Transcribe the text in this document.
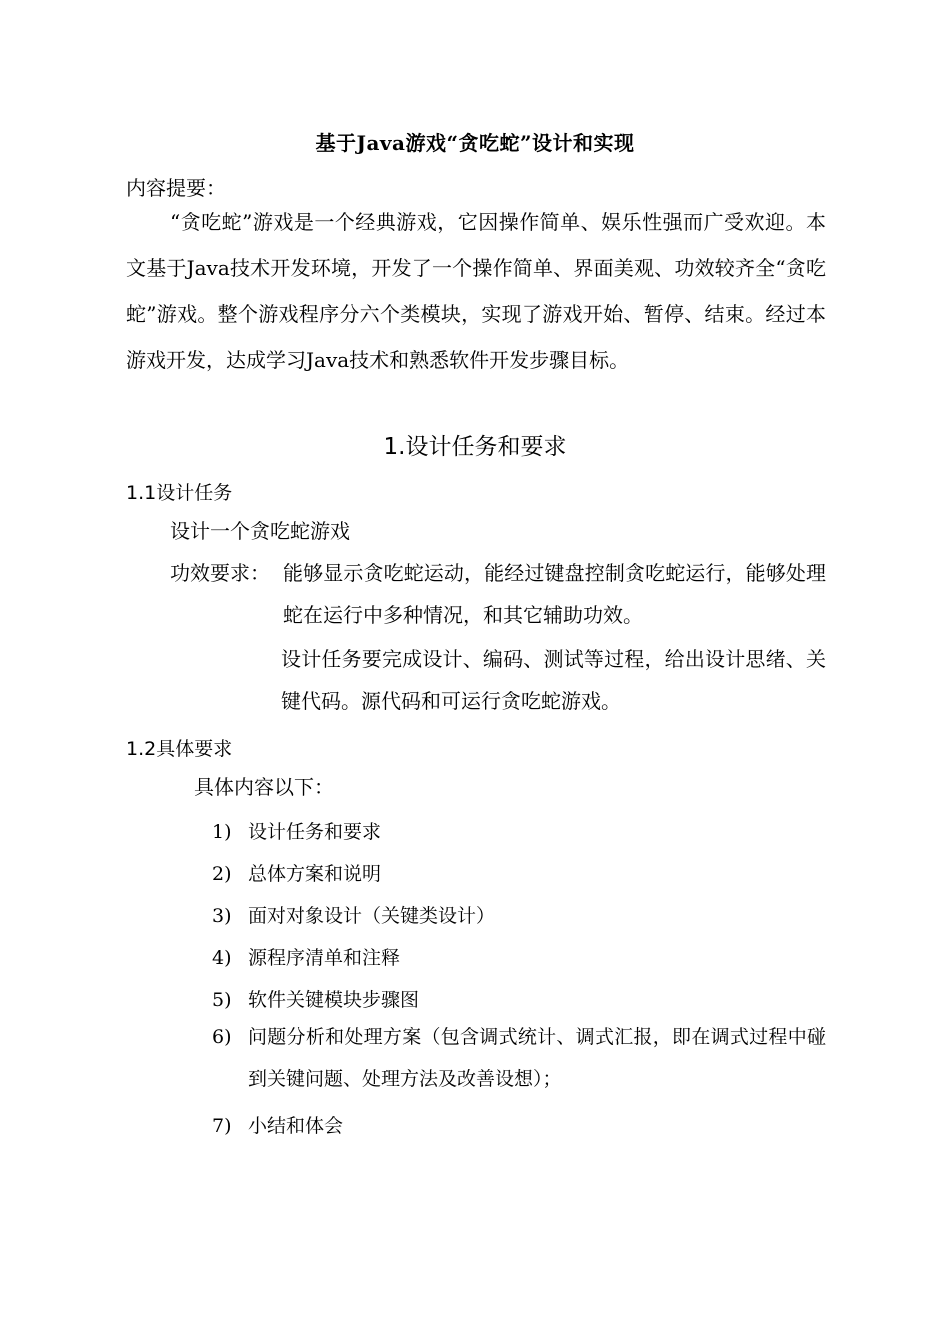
基于Java游戏“贪吃蛇”设计和实现
内容提要：

“贪吃蛇”游戏是一个经典游戏，它因操作简单、娱乐性强而广受欢迎。本文基于Java技术开发环境，开发了一个操作简单、界面美观、功效较齐全“贪吃蛇”游戏。整个游戏程序分六个类模块，实现了游戏开始、暂停、结束。经过本游戏开发，达成学习Java技术和熟悉软件开发步骤目标。

1.设计任务和要求
1.1设计任务
设计一个贪吃蛇游戏
功效要求： 能够显示贪吃蛇运动，能经过键盘控制贪吃蛇运行，能够处理蛇在运行中多种情况，和其它辅助功效。

设计任务要完成设计、编码、测试等过程，给出设计思绪、关键代码。源代码和可运行贪吃蛇游戏。

1.2具体要求
具体内容以下：
1) 设计任务和要求
2) 总体方案和说明
3) 面对对象设计（关键类设计）
4) 源程序清单和注释
5) 软件关键模块步骤图
6) 问题分析和处理方案（包含调式统计、调式汇报，即在调式过程中碰到关键问题、处理方法及改善设想）；
7) 小结和体会
